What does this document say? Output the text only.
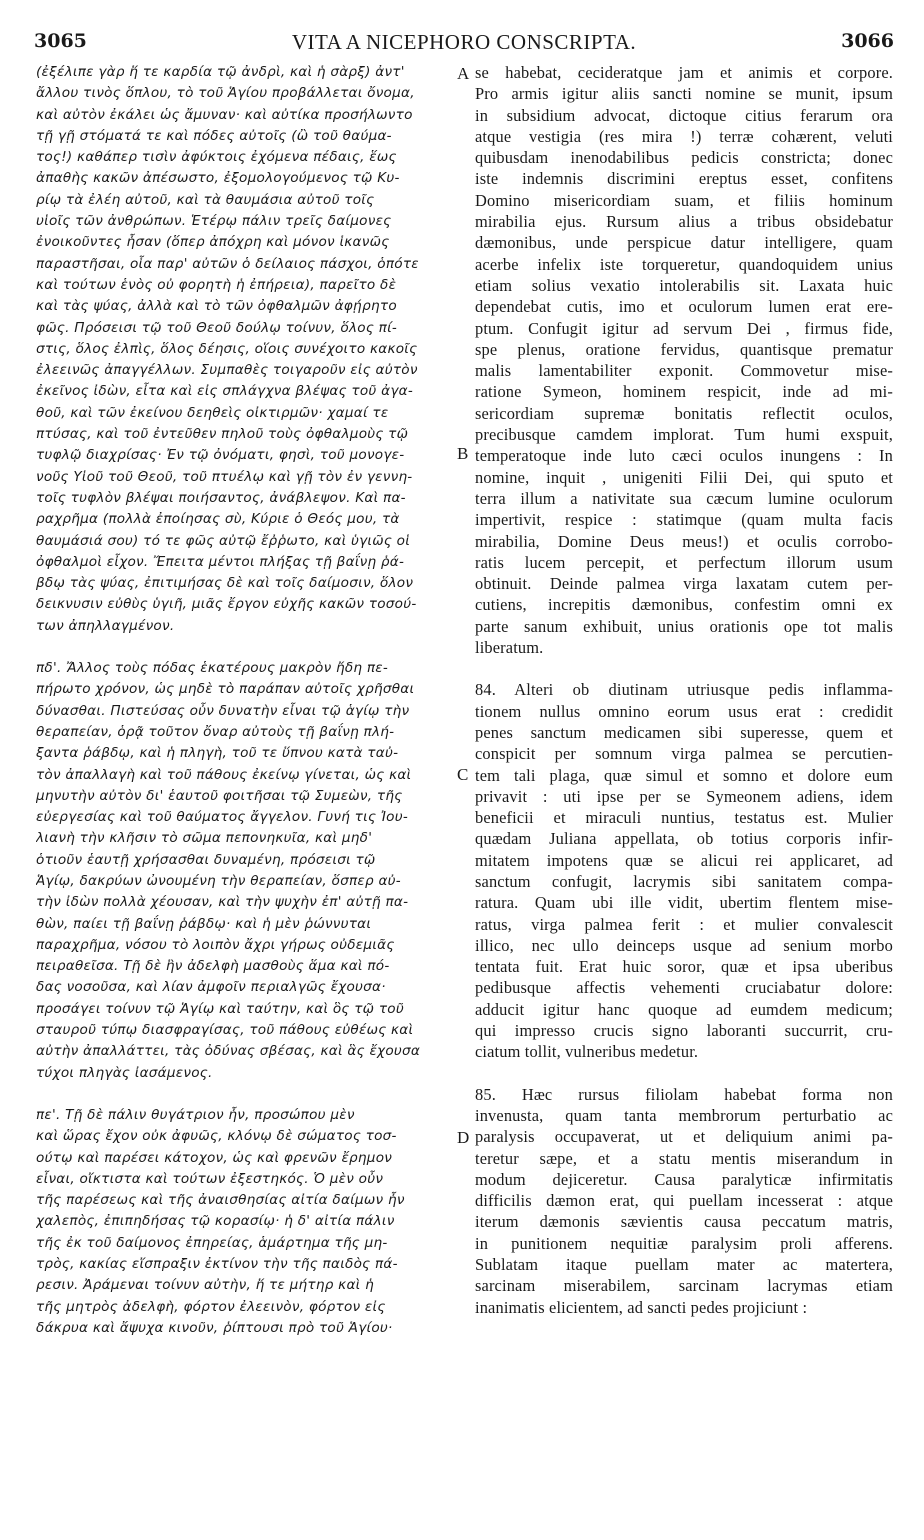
3065	VITA A NICEPHORO CONSCRIPTA.	3066
A
B
C
D
(ἐξέλιπε γὰρ ἥ τε καρδία τῷ ἀνδρὶ, καὶ ἡ σὰρξ) ἀντ'
ἄλλου τινὸς ὅπλου, τὸ τοῦ Ἁγίου προβάλλεται ὄνομα,
καὶ αὐτὸν ἐκάλει ὡς ἄμυναν· καὶ αὐτίκα προσήλωντο
τῇ γῇ στόματά τε καὶ πόδες αὐτοῖς (ὢ τοῦ θαύμα-
τος!) καθάπερ τισὶν ἀφύκτοις ἐχόμενα πέδαις, ἕως
ἀπαθὴς κακῶν ἀπέσωστο, ἐξομολογούμενος τῷ Κυ-
ρίῳ τὰ ἐλέη αὐτοῦ, καὶ τὰ θαυμάσια αὐτοῦ τοῖς
υἱοῖς τῶν ἀνθρώπων. Ἑτέρῳ πάλιν τρεῖς δαίμονες
ἐνοικοῦντες ἦσαν (ὅπερ ἀπόχρη καὶ μόνον ἱκανῶς
παραστῆσαι, οἷα παρ' αὐτῶν ὁ δείλαιος πάσχοι, ὁπότε
καὶ τούτων ἑνὸς οὐ φορητὴ ἡ ἐπήρεια), παρεῖτο δὲ
καὶ τὰς ψύας, ἀλλὰ καὶ τὸ τῶν ὀφθαλμῶν ἀφῄρητο
φῶς. Πρόσεισι τῷ τοῦ Θεοῦ δούλῳ τοίνυν, ὅλος πί-
στις, ὅλος ἐλπὶς, ὅλος δέησις, οἵοις συνέχοιτο κακοῖς
ἐλεεινῶς ἀπαγγέλλων. Συμπαθὲς τοιγαροῦν εἰς αὐτὸν
ἐκεῖνος ἰδὼν, εἶτα καὶ εἰς σπλάγχνα βλέψας τοῦ ἀγα-
θοῦ, καὶ τῶν ἐκείνου δεηθεὶς οἰκτιρμῶν· χαμαί τε
πτύσας, καὶ τοῦ ἐντεῦθεν πηλοῦ τοὺς ὀφθαλμοὺς τῷ
τυφλῷ διαχρίσας· Ἐν τῷ ὀνόματι, φησὶ, τοῦ μονογε-
νοῦς Υἱοῦ τοῦ Θεοῦ, τοῦ πτυέλῳ καὶ γῇ τὸν ἐν γεννη-
τοῖς τυφλὸν βλέψαι ποιήσαντος, ἀνάβλεψον. Καὶ πα-
ραχρῆμα (πολλὰ ἐποίησας σὺ, Κύριε ὁ Θεός μου, τὰ
θαυμάσιά σου) τό τε φῶς αὐτῷ ἔῤῥωτο, καὶ ὑγιῶς οἱ
ὀφθαλμοὶ εἶχον. Ἔπειτα μέντοι πλήξας τῇ βαΐνῃ ῥά-
βδῳ τὰς ψύας, ἐπιτιμήσας δὲ καὶ τοῖς δαίμοσιν, ὅλον
δεικνυσιν εὐθὺς ὑγιῆ, μιᾶς ἔργον εὐχῆς κακῶν τοσού-
των ἀπηλλαγμένον.
πδ'. Ἄλλος τοὺς πόδας ἑκατέρους μακρὸν ἤδη πε-
πήρωτο χρόνον, ὡς μηδὲ τὸ παράπαν αὐτοῖς χρῆσθαι
δύνασθαι. Πιστεύσας οὖν δυνατὴν εἶναι τῷ ἁγίῳ τὴν
θεραπείαν, ὁρᾷ τοῦτον ὄναρ αὐτοὺς τῇ βαΐνῃ πλή-
ξαντα ῥάβδῳ, καὶ ἡ πληγὴ, τοῦ τε ὕπνου κατὰ ταὐ-
τὸν ἀπαλλαγὴ καὶ τοῦ πάθους ἐκείνῳ γίνεται, ὡς καὶ
μηνυτὴν αὐτὸν δι' ἑαυτοῦ φοιτῆσαι τῷ Συμεὼν, τῆς
εὐεργεσίας καὶ τοῦ θαύματος ἄγγελον. Γυνή τις Ἰου-
λιανὴ τὴν κλῆσιν τὸ σῶμα πεπονηκυῖα, καὶ μηδ'
ὁτιοῦν ἑαυτῇ χρήσασθαι δυναμένη, πρόσεισι τῷ
Ἁγίῳ, δακρύων ὠνουμένη τὴν θεραπείαν, ὅσπερ αὐ-
τὴν ἰδὼν πολλὰ χέουσαν, καὶ τὴν ψυχὴν ἐπ' αὐτῇ πα-
θὼν, παίει τῇ βαΐνῃ ῥάβδῳ· καὶ ἡ μὲν ῥώννυται
παραχρῆμα, νόσου τὸ λοιπὸν ἄχρι γήρως οὐδεμιᾶς
πειραθεῖσα. Τῇ δὲ ἣν ἀδελφὴ μασθοὺς ἅμα καὶ πό-
δας νοσοῦσα, καὶ λίαν ἀμφοῖν περιαλγῶς ἔχουσα·
προσάγει τοίνυν τῷ Ἁγίῳ καὶ ταύτην, καὶ ὃς τῷ τοῦ
σταυροῦ τύπῳ διασφραγίσας, τοῦ πάθους εὐθέως καὶ
αὐτὴν ἀπαλλάττει, τὰς ὀδύνας σβέσας, καὶ ἃς ἔχουσα
τύχοι πληγὰς ἰασάμενος.
πε'. Τῇ δὲ πάλιν θυγάτριον ἦν, προσώπου μὲν
καὶ ὥρας ἔχον οὐκ ἀφυῶς, κλόνῳ δὲ σώματος τοσ-
ούτῳ καὶ παρέσει κάτοχον, ὡς καὶ φρενῶν ἔρημον
εἶναι, οἴκτιστα καὶ τούτων ἐξεστηκός. Ὁ μὲν οὖν
τῆς παρέσεως καὶ τῆς ἀναισθησίας αἰτία δαίμων ἦν
χαλεπὸς, ἐπιπηδήσας τῷ κορασίῳ· ἡ δ' αἰτία πάλιν
τῆς ἐκ τοῦ δαίμονος ἐπηρείας, ἁμάρτημα τῆς μη-
τρὸς, κακίας εἴσπραξιν ἐκτίνον τὴν τῆς παιδὸς πά-
ρεσιν. Ἀράμεναι τοίνυν αὐτὴν, ἥ τε μήτηρ καὶ ἡ
τῆς μητρὸς ἀδελφὴ, φόρτον ἐλεεινὸν, φόρτον εἰς
δάκρυα καὶ ἄψυχα κινοῦν, ῥίπτουσι πρὸ τοῦ Ἁγίου·
se habebat, cecideratque jam et animis et corpore.
Pro armis igitur aliis sancti nomine se munit, ipsum
in subsidium advocat, dictoque citius ferarum ora
atque vestigia (res mira !) terræ cohærent, veluti
quibusdam inenodabilibus pedicis constricta; donec
iste indemnis discrimini ereptus esset, confitens
Domino misericordiam suam, et filiis hominum
mirabilia ejus. Rursum alius a tribus obsidebatur
dæmonibus, unde perspicue datur intelligere, quam
acerbe infelix iste torqueretur, quandoquidem unius
etiam solius vexatio intolerabilis sit. Laxata huic
dependebat cutis, imo et oculorum lumen erat ere-
ptum. Confugit igitur ad servum Dei , firmus fide,
spe plenus, oratione fervidus, quantisque prematur
malis lamentabiliter exponit. Commovetur mise-
ratione Symeon, hominem respicit, inde ad mi-
sericordiam supremæ bonitatis reflectit oculos,
precibusque camdem implorat. Tum humi exspuit,
temperatoque inde luto cæci oculos inungens : In
nomine, inquit , unigeniti Filii Dei, qui sputo et
terra illum a nativitate sua cæcum lumine oculorum
impertivit, respice : statimque (quam multa facis
mirabilia, Domine Deus meus!) et oculis corrobo-
ratis lucem percepit, et perfectum illorum usum
obtinuit. Deinde palmea virga laxatam cutem per-
cutiens, increpitis dæmonibus, confestim omni ex
parte sanum exhibuit, unius orationis ope tot malis
liberatum.
84. Alteri ob diutinam utriusque pedis inflamma-
tionem nullus omnino eorum usus erat : credidit
penes sanctum medicamen sibi superesse, quem et
conspicit per somnum virga palmea se percutien-
tem tali plaga, quæ simul et somno et dolore eum
privavit : uti ipse per se Symeonem adiens, idem
beneficii et miraculi nuntius, testatus est. Mulier
quædam Juliana appellata, ob totius corporis infir-
mitatem impotens quæ se alicui rei applicaret, ad
sanctum confugit, lacrymis sibi sanitatem compa-
ratura. Quam ubi ille vidit, ubertim flentem mise-
ratus, virga palmea ferit : et mulier convalescit
illico, nec ullo deinceps usque ad senium morbo
tentata fuit. Erat huic soror, quæ et ipsa uberibus
pedibusque affectis vehementi cruciabatur dolore:
adducit igitur hanc quoque ad eumdem medicum;
qui impresso crucis signo laboranti succurrit, cru-
ciatum tollit, vulneribus medetur.
85. Hæc rursus filiolam habebat forma non
invenusta, quam tanta membrorum perturbatio ac
paralysis occupaverat, ut et deliquium animi pa-
teretur sæpe, et a statu mentis miserandum in
modum dejiceretur. Causa paralyticæ infirmitatis
difficilis dæmon erat, qui puellam incesserat : atque
iterum dæmonis sævientis causa peccatum matris,
in punitionem nequitiæ paralysim proli afferens.
Sublatam itaque puellam mater ac matertera,
sarcinam miserabilem, sarcinam lacrymas etiam
inanimatis elicientem, ad sancti pedes projiciunt :
